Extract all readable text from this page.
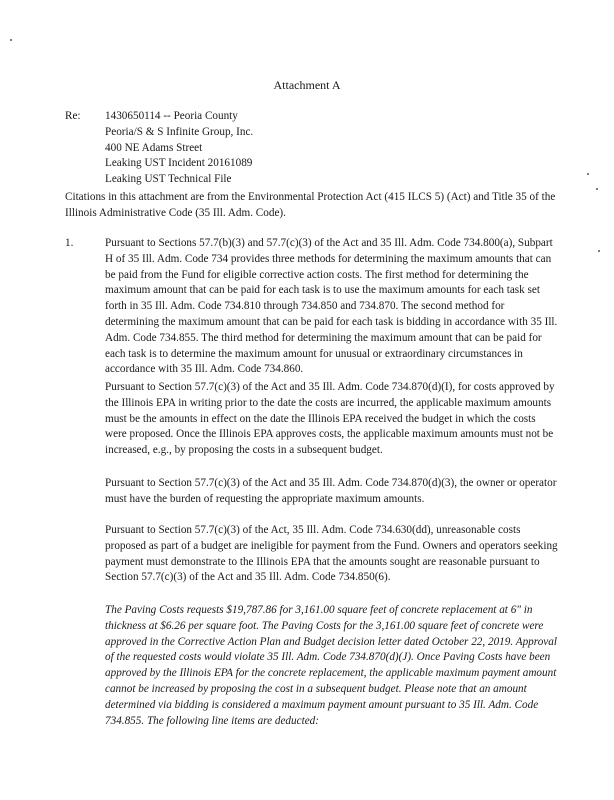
Attachment A
Re: 1430650114 -- Peoria County
Peoria/S & S Infinite Group, Inc.
400 NE Adams Street
Leaking UST Incident 20161089
Leaking UST Technical File
Citations in this attachment are from the Environmental Protection Act (415 ILCS 5) (Act) and Title 35 of the Illinois Administrative Code (35 Ill. Adm. Code).
1.	Pursuant to Sections 57.7(b)(3) and 57.7(c)(3) of the Act and 35 Ill. Adm. Code 734.800(a), Subpart H of 35 Ill. Adm. Code 734 provides three methods for determining the maximum amounts that can be paid from the Fund for eligible corrective action costs. The first method for determining the maximum amount that can be paid for each task is to use the maximum amounts for each task set forth in 35 Ill. Adm. Code 734.810 through 734.850 and 734.870. The second method for determining the maximum amount that can be paid for each task is bidding in accordance with 35 Ill. Adm. Code 734.855. The third method for determining the maximum amount that can be paid for each task is to determine the maximum amount for unusual or extraordinary circumstances in accordance with 35 Ill. Adm. Code 734.860.
Pursuant to Section 57.7(c)(3) of the Act and 35 Ill. Adm. Code 734.870(d)(I), for costs approved by the Illinois EPA in writing prior to the date the costs are incurred, the applicable maximum amounts must be the amounts in effect on the date the Illinois EPA received the budget in which the costs were proposed. Once the Illinois EPA approves costs, the applicable maximum amounts must not be increased, e.g., by proposing the costs in a subsequent budget.
Pursuant to Section 57.7(c)(3) of the Act and 35 Ill. Adm. Code 734.870(d)(3), the owner or operator must have the burden of requesting the appropriate maximum amounts.
Pursuant to Section 57.7(c)(3) of the Act, 35 Ill. Adm. Code 734.630(dd), unreasonable costs proposed as part of a budget are ineligible for payment from the Fund. Owners and operators seeking payment must demonstrate to the Illinois EPA that the amounts sought are reasonable pursuant to Section 57.7(c)(3) of the Act and 35 Ill. Adm. Code 734.850(6).
The Paving Costs requests $19,787.86 for 3,161.00 square feet of concrete replacement at 6" in thickness at $6.26 per square foot. The Paving Costs for the 3,161.00 square feet of concrete were approved in the Corrective Action Plan and Budget decision letter dated October 22, 2019. Approval of the requested costs would violate 35 Ill. Adm. Code 734.870(d)(J). Once Paving Costs have been approved by the Illinois EPA for the concrete replacement, the applicable maximum payment amount cannot be increased by proposing the cost in a subsequent budget. Please note that an amount determined via bidding is considered a maximum payment amount pursuant to 35 Ill. Adm. Code 734.855. The following line items are deducted:
